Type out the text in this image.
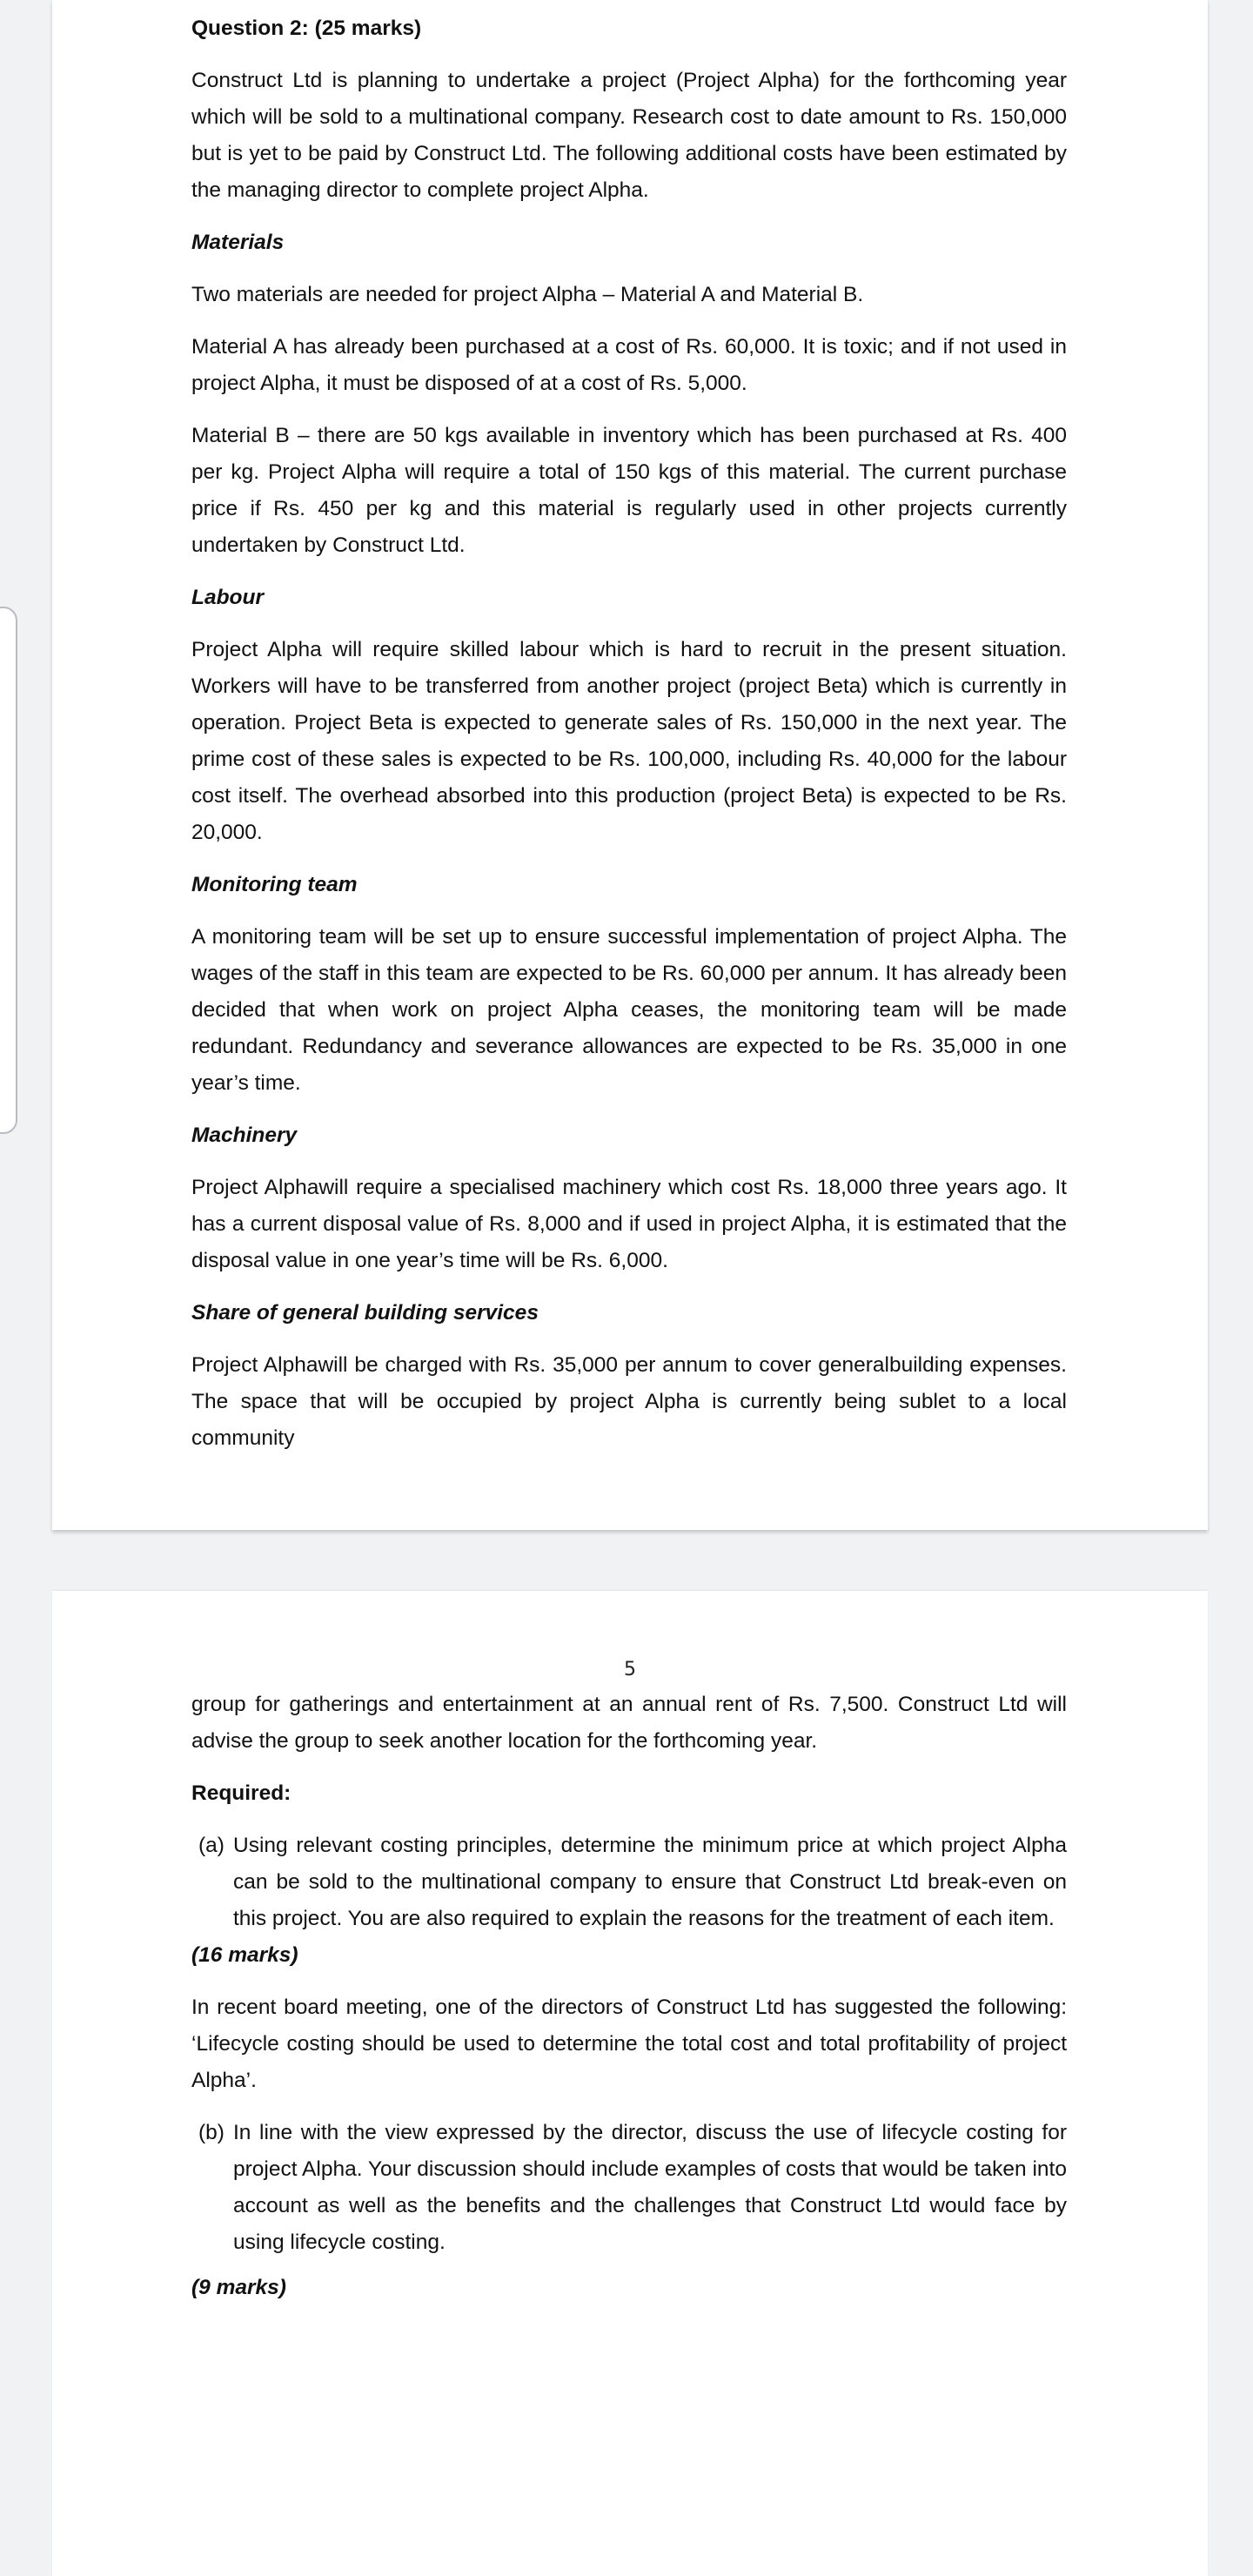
Question 2: (25 marks)

Construct Ltd is planning to undertake a project (Project Alpha) for the forthcoming year which will be sold to a multinational company. Research cost to date amount to Rs. 150,000 but is yet to be paid by Construct Ltd. The following additional costs have been estimated by the managing director to complete project Alpha.

Materials

Two materials are needed for project Alpha – Material A and Material B.

Material A has already been purchased at a cost of Rs. 60,000. It is toxic; and if not used in project Alpha, it must be disposed of at a cost of Rs. 5,000.

Material B – there are 50 kgs available in inventory which has been purchased at Rs. 400 per kg. Project Alpha will require a total of 150 kgs of this material. The current purchase price if Rs. 450 per kg and this material is regularly used in other projects currently undertaken by Construct Ltd.

Labour

Project Alpha will require skilled labour which is hard to recruit in the present situation. Workers will have to be transferred from another project (project Beta) which is currently in operation. Project Beta is expected to generate sales of Rs. 150,000 in the next year. The prime cost of these sales is expected to be Rs. 100,000, including Rs. 40,000 for the labour cost itself. The overhead absorbed into this production (project Beta) is expected to be Rs. 20,000.

Monitoring team

A monitoring team will be set up to ensure successful implementation of project Alpha. The wages of the staff in this team are expected to be Rs. 60,000 per annum. It has already been decided that when work on project Alpha ceases, the monitoring team will be made redundant. Redundancy and severance allowances are expected to be Rs. 35,000 in one year’s time.

Machinery

Project Alphawill require a specialised machinery which cost Rs. 18,000 three years ago. It has a current disposal value of Rs. 8,000 and if used in project Alpha, it is estimated that the disposal value in one year’s time will be Rs. 6,000.

Share of general building services

Project Alphawill be charged with Rs. 35,000 per annum to cover generalbuilding expenses. The space that will be occupied by project Alpha is currently being sublet to a local community

5

group for gatherings and entertainment at an annual rent of Rs. 7,500. Construct Ltd will advise the group to seek another location for the forthcoming year.

Required:

(a) Using relevant costing principles, determine the minimum price at which project Alpha can be sold to the multinational company to ensure that Construct Ltd break-even on this project. You are also required to explain the reasons for the treatment of each item.

(16 marks)

In recent board meeting, one of the directors of Construct Ltd has suggested the following: ‘Lifecycle costing should be used to determine the total cost and total profitability of project Alpha’.

(b) In line with the view expressed by the director, discuss the use of lifecycle costing for project Alpha. Your discussion should include examples of costs that would be taken into account as well as the benefits and the challenges that Construct Ltd would face by using lifecycle costing.

(9 marks)
